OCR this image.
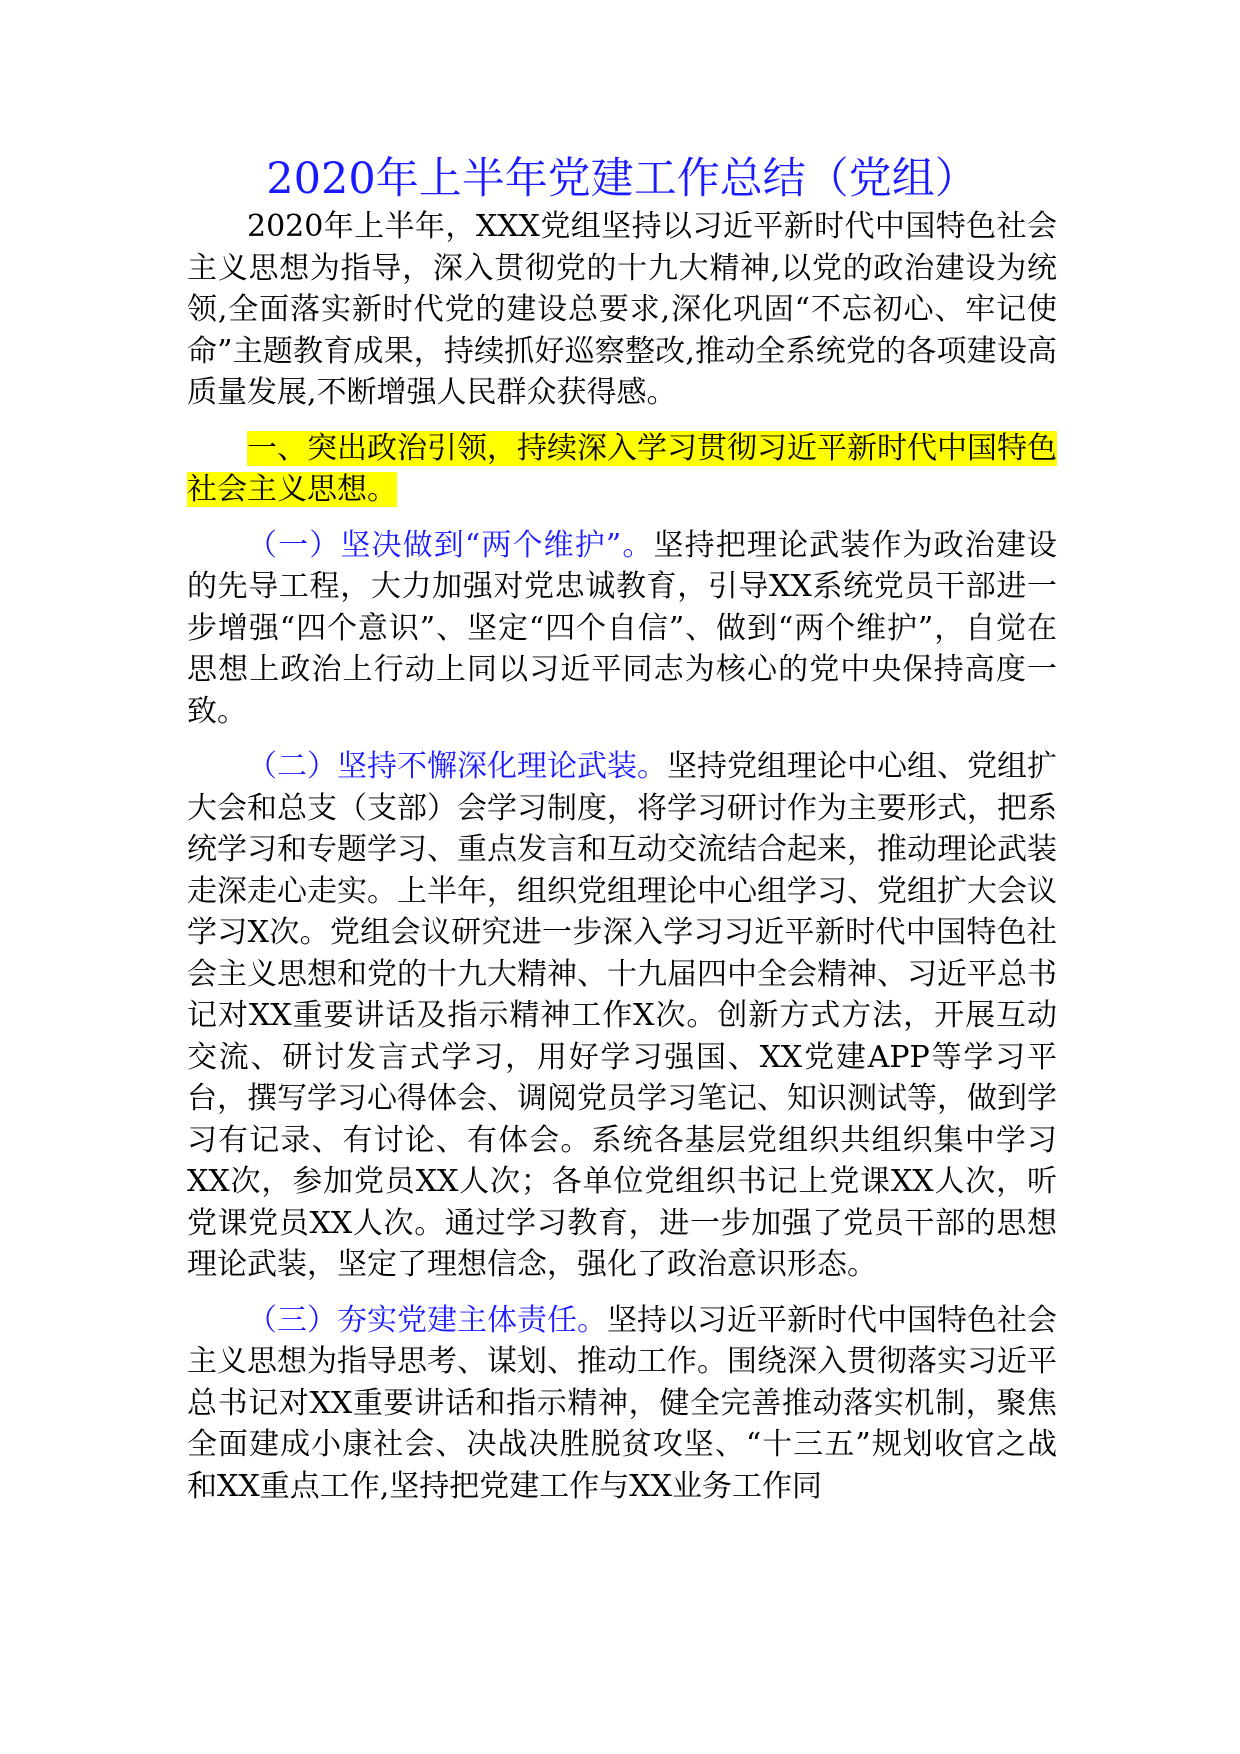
2020年上半年党建工作总结（党组）

2020年上半年，XXX党组坚持以习近平新时代中国特色社会主义思想为指导，深入贯彻党的十九大精神,以党的政治建设为统领,全面落实新时代党的建设总要求,深化巩固“不忘初心、牢记使命”主题教育成果，持续抓好巡察整改,推动全系统党的各项建设高质量发展,不断增强人民群众获得感。

一、突出政治引领，持续深入学习贯彻习近平新时代中国特色社会主义思想。

（一）坚决做到“两个维护”。坚持把理论武装作为政治建设的先导工程，大力加强对党忠诚教育，引导XX系统党员干部进一步增强“四个意识”、坚定“四个自信”、做到“两个维护”，自觉在思想上政治上行动上同以习近平同志为核心的党中央保持高度一致。

（二）坚持不懈深化理论武装。坚持党组理论中心组、党组扩大会和总支（支部）会学习制度，将学习研讨作为主要形式，把系统学习和专题学习、重点发言和互动交流结合起来，推动理论武装走深走心走实。上半年，组织党组理论中心组学习、党组扩大会议学习X次。党组会议研究进一步深入学习习近平新时代中国特色社会主义思想和党的十九大精神、十九届四中全会精神、习近平总书记对XX重要讲话及指示精神工作X次。创新方式方法，开展互动交流、研讨发言式学习，用好学习强国、XX党建APP等学习平台，撰写学习心得体会、调阅党员学习笔记、知识测试等，做到学习有记录、有讨论、有体会。系统各基层党组织共组织集中学习XX次，参加党员XX人次；各单位党组织书记上党课XX人次，听党课党员XX人次。通过学习教育，进一步加强了党员干部的思想理论武装，坚定了理想信念，强化了政治意识形态。

（三）夯实党建主体责任。坚持以习近平新时代中国特色社会主义思想为指导思考、谋划、推动工作。围绕深入贯彻落实习近平总书记对XX重要讲话和指示精神，健全完善推动落实机制，聚焦全面建成小康社会、决战决胜脱贫攻坚、“十三五”规划收官之战和XX重点工作,坚持把党建工作与XX业务工作同
